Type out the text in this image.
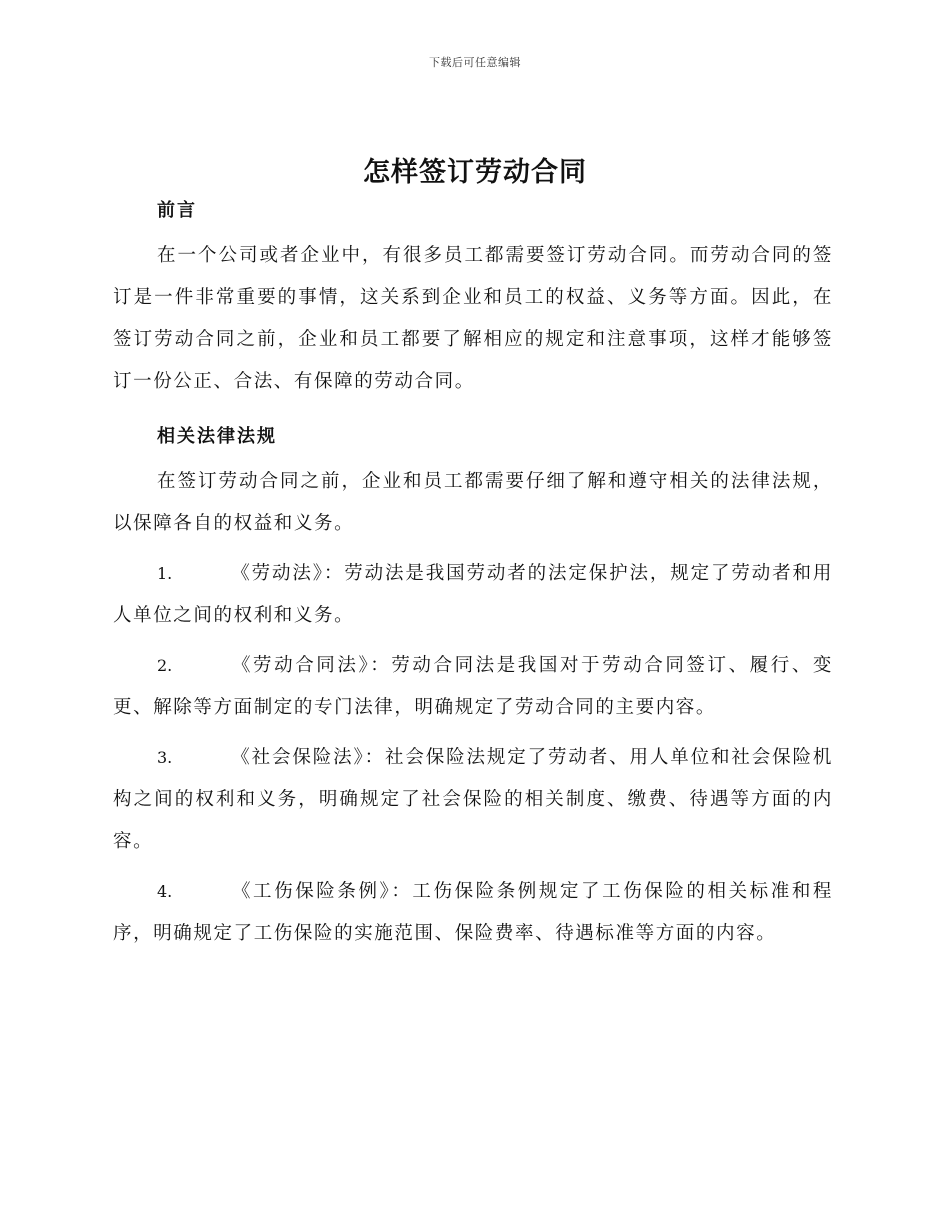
下载后可任意编辑
怎样签订劳动合同
前言

在一个公司或者企业中，有很多员工都需要签订劳动合同。而劳动合同的签订是一件非常重要的事情，这关系到企业和员工的权益、义务等方面。因此，在签订劳动合同之前，企业和员工都要了解相应的规定和注意事项，这样才能够签订一份公正、合法、有保障的劳动合同。

相关法律法规

在签订劳动合同之前，企业和员工都需要仔细了解和遵守相关的法律法规，以保障各自的权益和义务。

1.	《劳动法》：劳动法是我国劳动者的法定保护法，规定了劳动者和用人单位之间的权利和义务。

2.	《劳动合同法》：劳动合同法是我国对于劳动合同签订、履行、变更、解除等方面制定的专门法律，明确规定了劳动合同的主要内容。

3.	《社会保险法》：社会保险法规定了劳动者、用人单位和社会保险机构之间的权利和义务，明确规定了社会保险的相关制度、缴费、待遇等方面的内容。

4.	《工伤保险条例》：工伤保险条例规定了工伤保险的相关标准和程序，明确规定了工伤保险的实施范围、保险费率、待遇标准等方面的内容。
